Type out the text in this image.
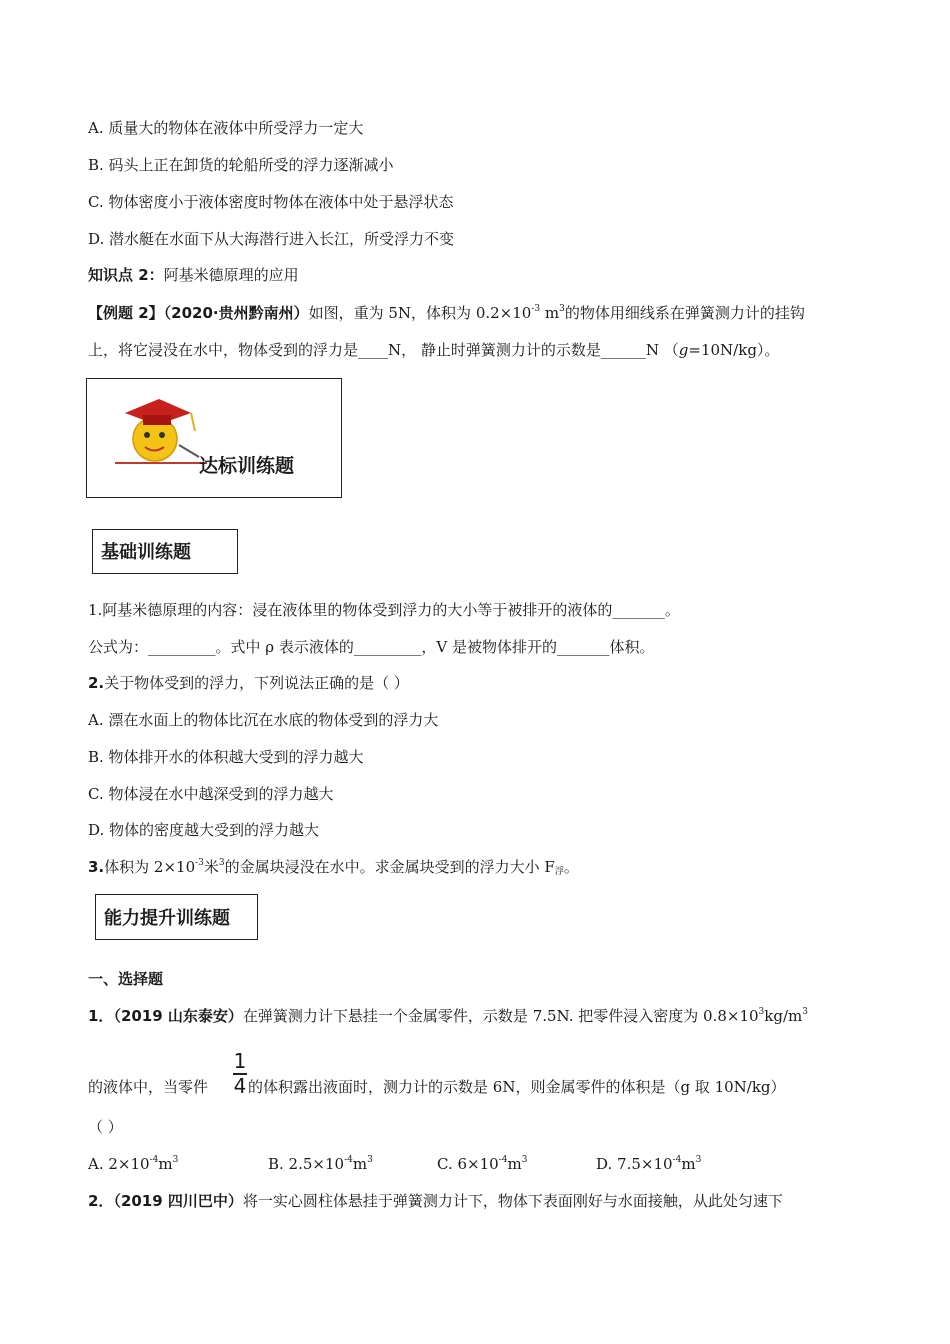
A. 质量大的物体在液体中所受浮力一定大
B. 码头上正在卸货的轮船所受的浮力逐渐减小
C. 物体密度小于液体密度时物体在液体中处于悬浮状态
D. 潜水艇在水面下从大海潜行进入长江，所受浮力不变
知识点 2：阿基米德原理的应用
【例题 2】（2020·贵州黔南州）如图，重为 5N，体积为 $0.2\times 10^{-3}$ $m^3$的物体用细线系在弹簧测力计的挂钩
上，将它浸没在水中，物体受到的浮力是____N， 静止时弹簧测力计的示数是______N （g=10N/kg）。
达标训练题
基础训练题
1.阿基米德原理的内容：浸在液体里的物体受到浮力的大小等于被排开的液体的_______。
公式为：_________。式中 ρ 表示液体的_________，V 是被物体排开的_______体积。
2.关于物体受到的浮力，下列说法正确的是（ ）
A. 漂在水面上的物体比沉在水底的物体受到的浮力大
B. 物体排开水的体积越大受到的浮力越大
C. 物体浸在水中越深受到的浮力越大
D. 物体的密度越大受到的浮力越大
3.体积为 $2\times 10^{-3}$米$^3$的金属块浸没在水中。求金属块受到的浮力大小 $F_浮$。
能力提升训练题
一、选择题
1．（2019 山东泰安）在弹簧测力计下悬挂一个金属零件，示数是 7.5N. 把零件浸入密度为 $0.8\times 10^3kg/m^3$
1
4
的液体中，当零件	的体积露出液面时，测力计的示数是 6N，则金属零件的体积是（g 取 10N/kg）
（ ）
A. $2\times 10^{-4}m^3$	B. $2.5\times 10^{-4}m^3$	C. $6\times 10^{-4}m^3$	D. $7.5\times 10^{-4}m^3$
2．（2019 四川巴中）将一实心圆柱体悬挂于弹簧测力计下，物体下表面刚好与水面接触，从此处匀速下
